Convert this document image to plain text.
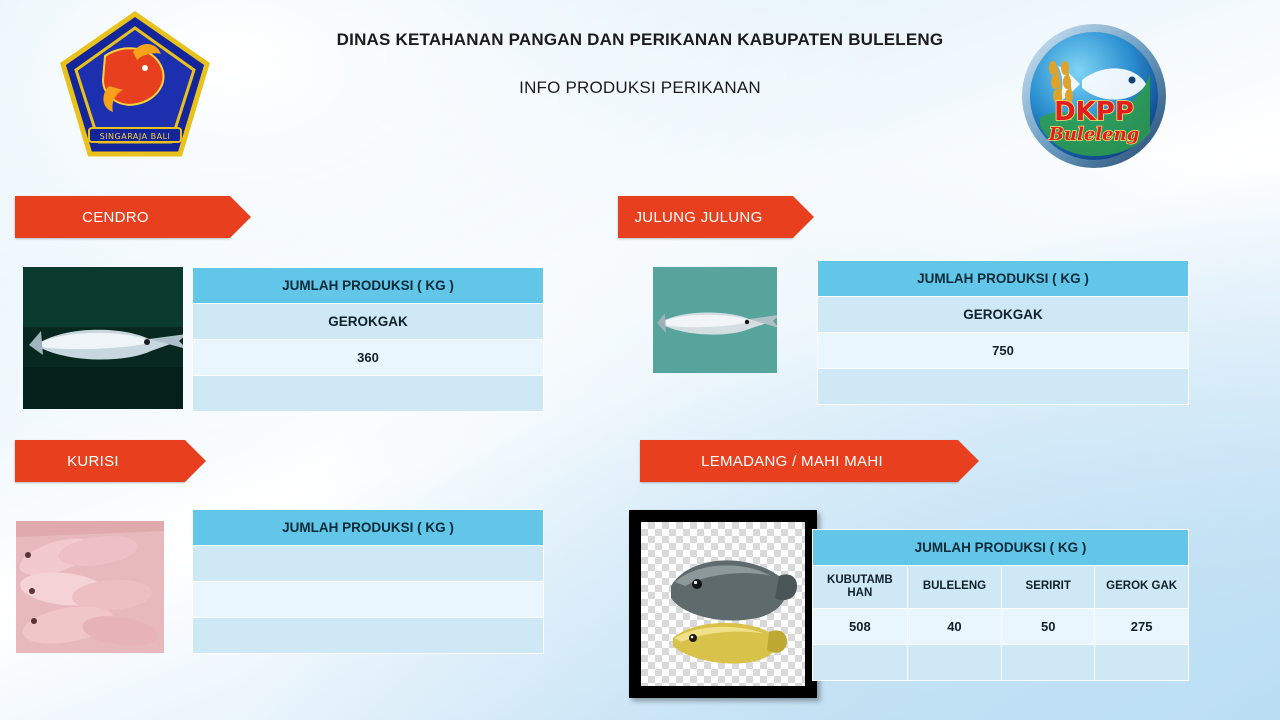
DINAS KETAHANAN PANGAN DAN PERIKANAN KABUPATEN BULELENG
INFO PRODUKSI PERIKANAN
SINGARAJA BALI
DKPP
Buleleng
CENDRO
JUMLAH PRODUKSI ( KG )
GEROKGAK
360

JULUNG JULUNG
JUMLAH PRODUKSI ( KG )
GEROKGAK
750

KURISI
JUMLAH PRODUKSI ( KG )

LEMADANG / MAHI MAHI
JUMLAH PRODUKSI ( KG )			
KUBUTAMB HAN	BULELENG	SERIRIT	GEROK GAK
508	40	50	275
